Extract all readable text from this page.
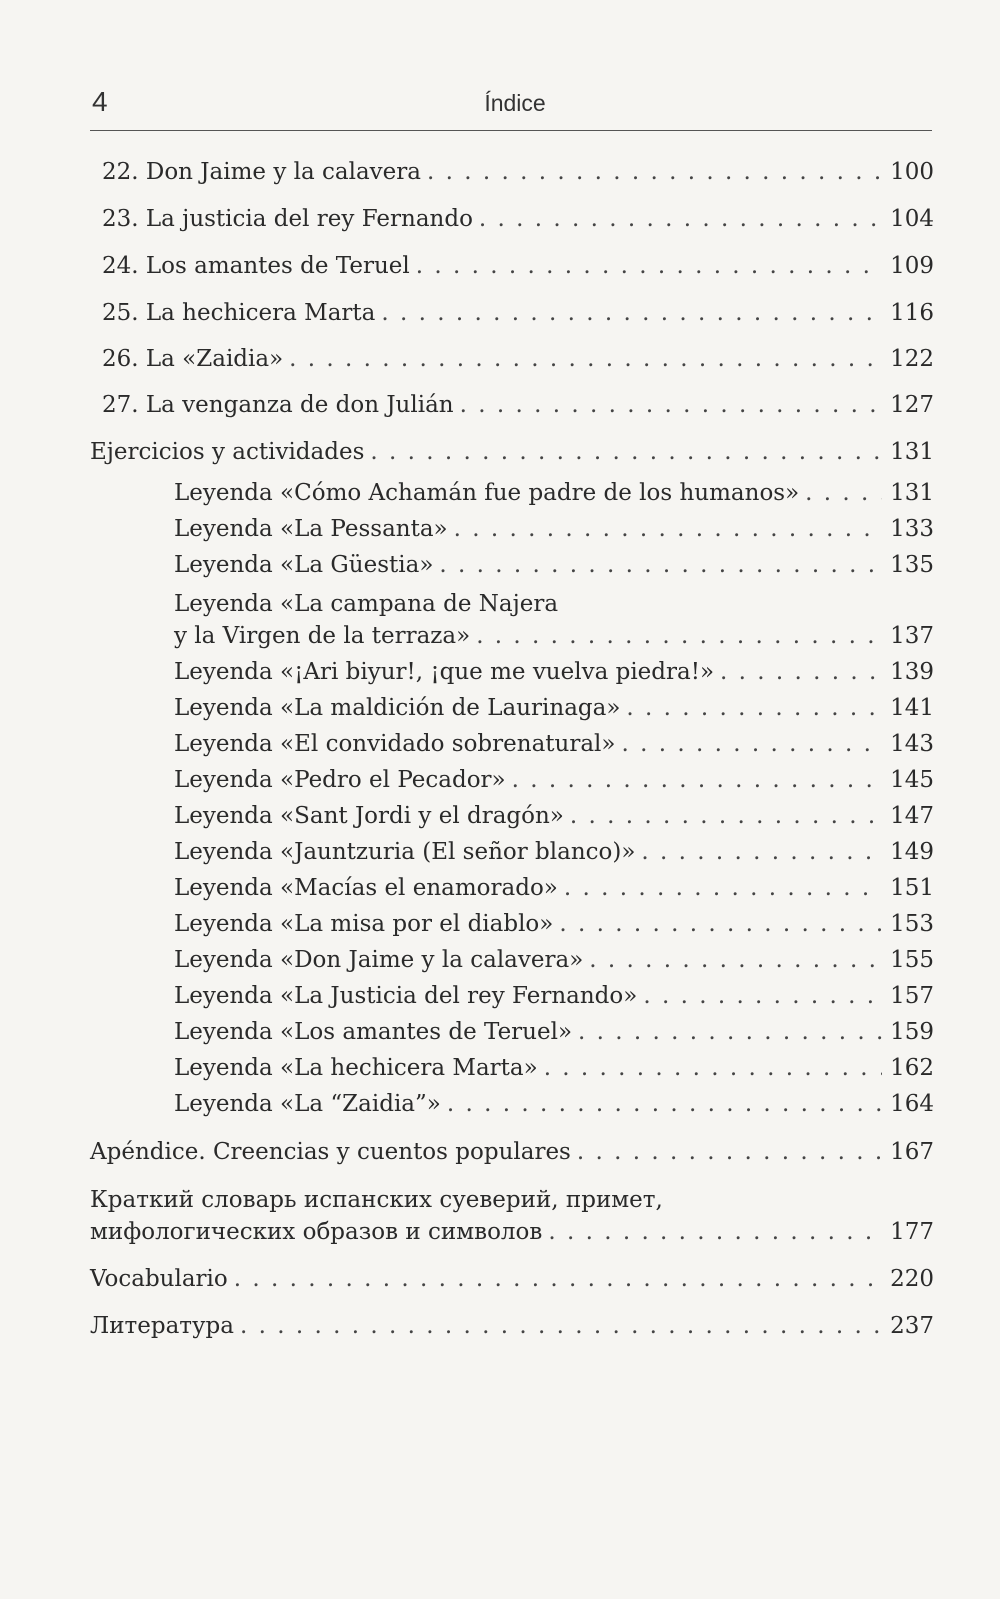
4	Índice
22. Don Jaime y la calavera . . .	100
23. La justicia del rey Fernando . . .	104
24. Los amantes de Teruel . . .	109
25. La hechicera Marta . . .	116
26. La «Zaidia» . . .	122
27. La venganza de don Julián . . .	127
Ejercicios y actividades . . .	131
Leyenda «Cómo Achamán fue padre de los humanos» . . .	131
Leyenda «La Pessanta» . . .	133
Leyenda «La Güestia» . . .	135
Leyenda «La campana de Najera
y la Virgen de la terraza» . . .	137
Leyenda «¡Ari biyur!, ¡que me vuelva piedra!» . . .	139
Leyenda «La maldición de Laurinaga» . . .	141
Leyenda «El convidado sobrenatural» . . .	143
Leyenda «Pedro el Pecador» . . .	145
Leyenda «Sant Jordi y el dragón» . . .	147
Leyenda «Jauntzuria (El señor blanco)» . . .	149
Leyenda «Macías el enamorado» . . .	151
Leyenda «La misa por el diablo» . . .	153
Leyenda «Don Jaime y la calavera» . . .	155
Leyenda «La Justicia del rey Fernando» . . .	157
Leyenda «Los amantes de Teruel» . . .	159
Leyenda «La hechicera Marta» . . .	162
Leyenda «La “Zaidia”» . . .	164
Apéndice. Creencias y cuentos populares . . .	167
Краткий словарь испанских суеверий, примет,
мифологических образов и символов . . .	177
Vocabulario . . .	220
Литература . . .	237
